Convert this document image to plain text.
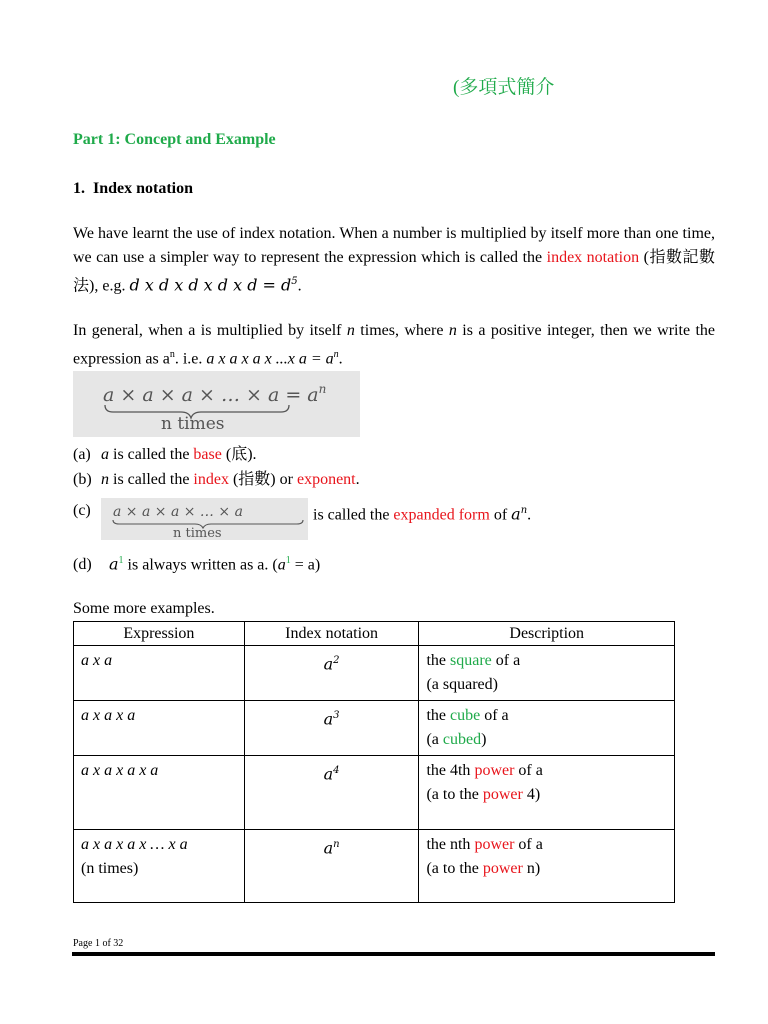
(多項式簡介
Part 1: Concept and Example
1. Index notation
We have learnt the use of index notation. When a number is multiplied by itself more than one time, we can use a simpler way to represent the expression which is called the index notation (指數記數法), e.g. d x d x d x d x $d = d^5$.
In general, when a is multiplied by itself n times, where n is a positive integer, then we write the expression as $a^n$. i.e. a x a x a x ...x $a = a^n$.
a × a × a × … × $a = a^n$
n times
(a) a is called the base (底).
(b) n is called the index (指數) or exponent.
(c)	a × a × a × … × a
n times
is called the expanded form of $a^n$.
(d) $a^1$ is always written as a. $(a^1 = a)$
Some more examples.
Expression	Index notation	Description
a x a	$a^2$	the square of a
(a squared)
a x a x a	$a^3$	the cube of a
(a cubed)
a x a x a x a	$a^4$	the 4th power of a
(a to the power 4)
a x a x a x … x a
(n times)	$a^n$	the nth power of a
(a to the power n)
Page 1 of 32
